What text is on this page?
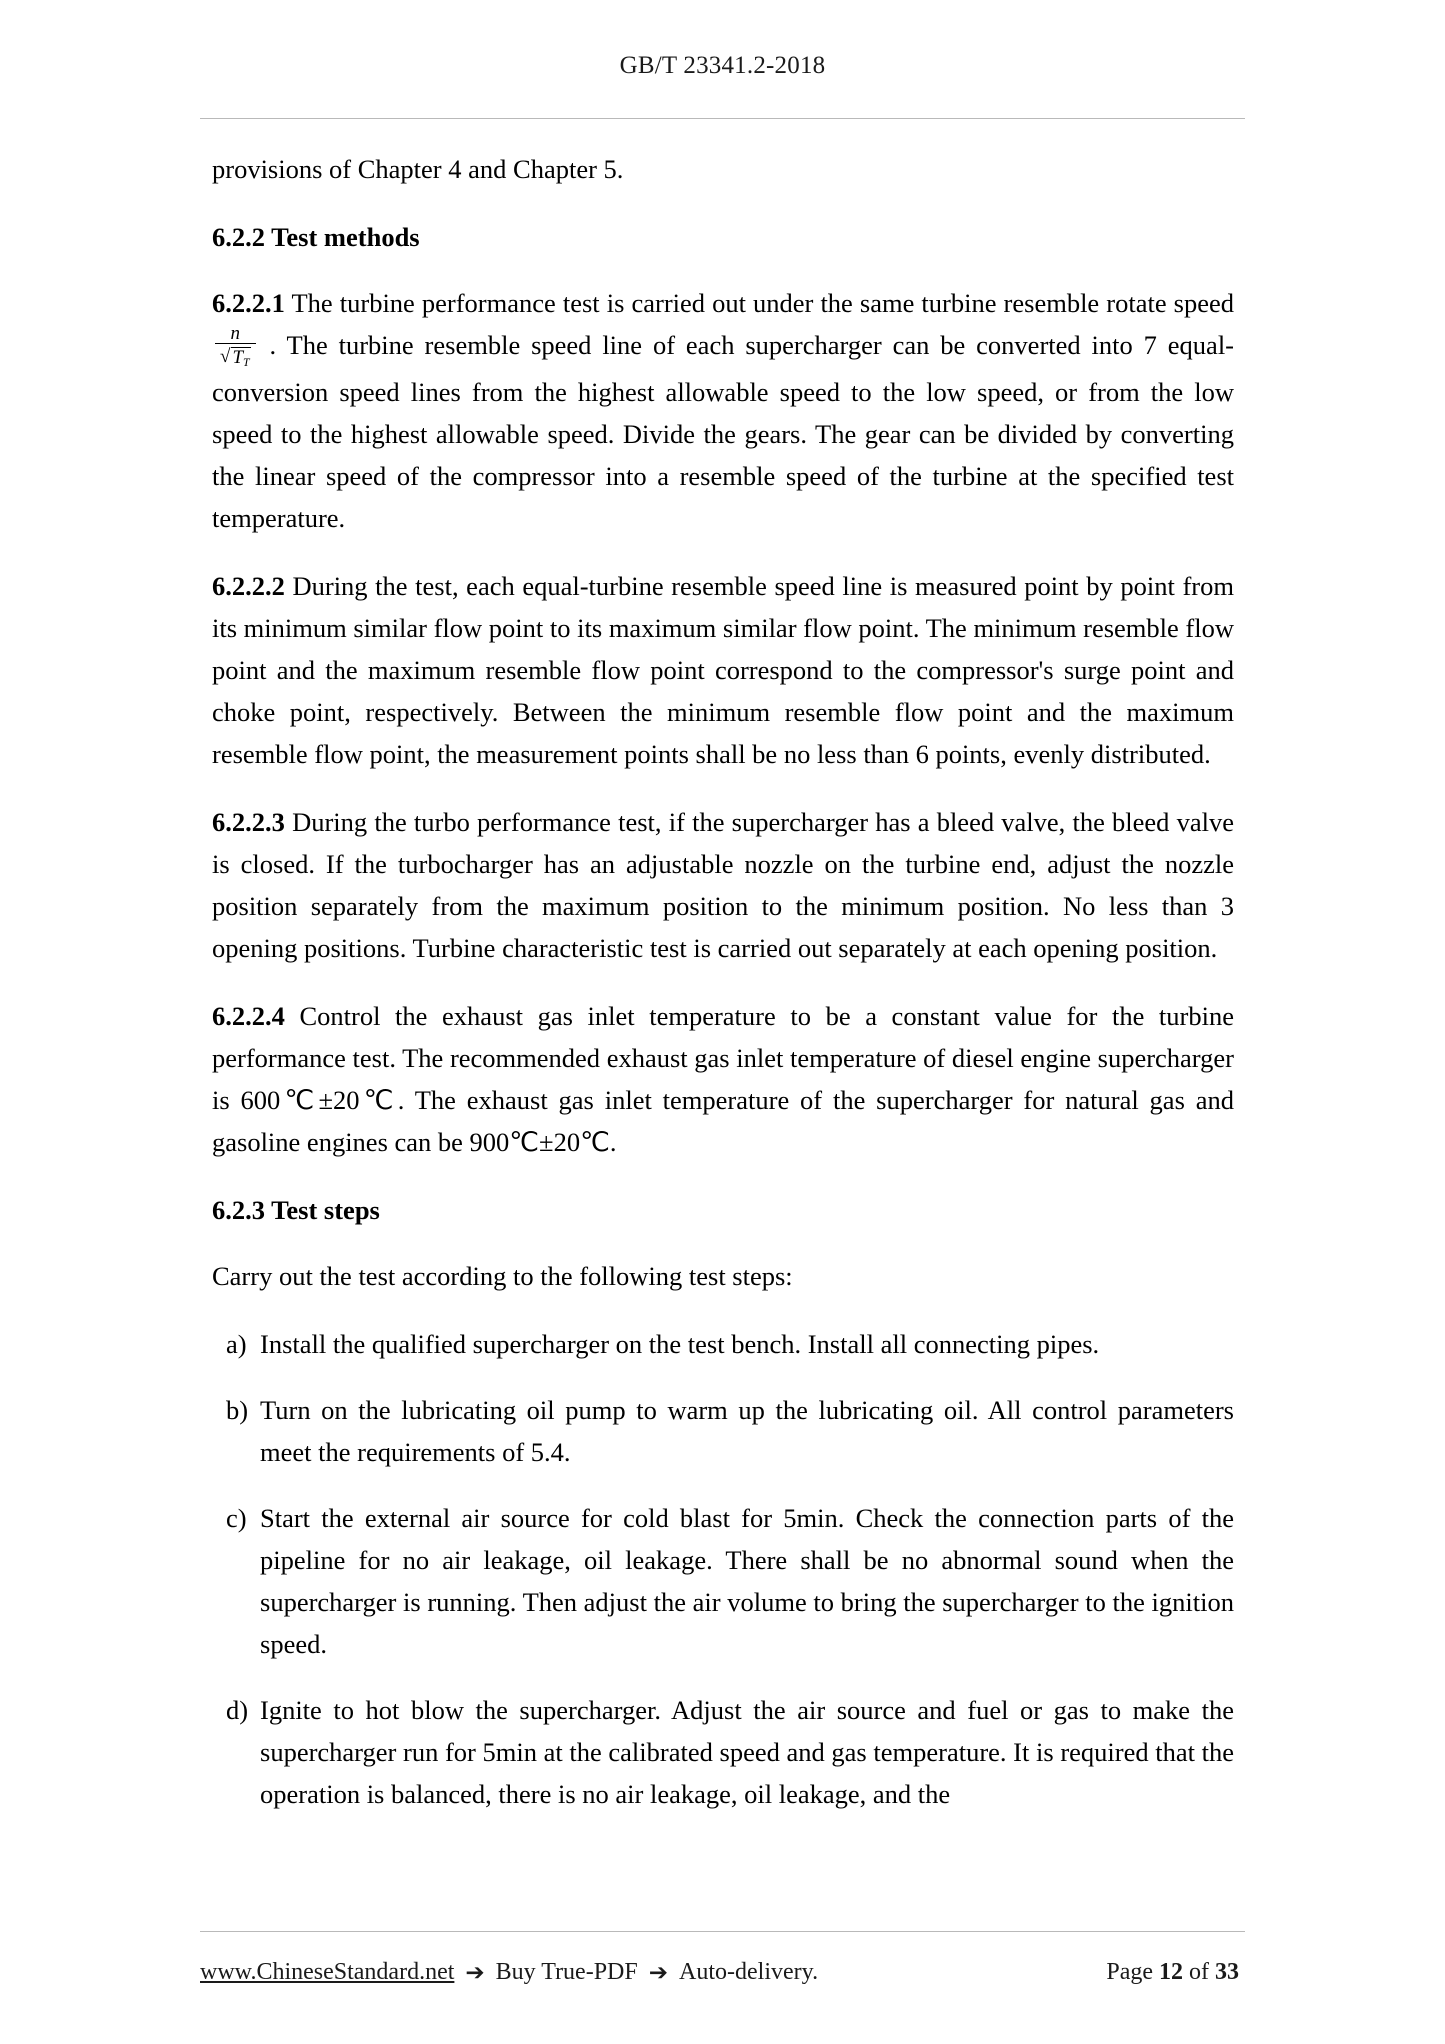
GB/T 23341.2-2018

provisions of Chapter 4 and Chapter 5.

6.2.2 Test methods

6.2.2.1 The turbine performance test is carried out under the same turbine resemble rotate speed
$\frac{n}{√ T_T}$ . The turbine resemble speed line of each supercharger can be converted into 7 equal-conversion speed lines from the highest allowable speed to the low speed, or from the low speed to the highest allowable speed. Divide the gears. The gear can be divided by converting the linear speed of the compressor into a resemble speed of the turbine at the specified test temperature.

6.2.2.2 During the test, each equal-turbine resemble speed line is measured point by point from its minimum similar flow point to its maximum similar flow point. The minimum resemble flow point and the maximum resemble flow point correspond to the compressor's surge point and choke point, respectively. Between the minimum resemble flow point and the maximum resemble flow point, the measurement points shall be no less than 6 points, evenly distributed.

6.2.2.3 During the turbo performance test, if the supercharger has a bleed valve, the bleed valve is closed. If the turbocharger has an adjustable nozzle on the turbine end, adjust the nozzle position separately from the maximum position to the minimum position. No less than 3 opening positions. Turbine characteristic test is carried out separately at each opening position.

6.2.2.4 Control the exhaust gas inlet temperature to be a constant value for the turbine performance test. The recommended exhaust gas inlet temperature of diesel engine supercharger is 600℃±20℃. The exhaust gas inlet temperature of the supercharger for natural gas and gasoline engines can be 900℃±20℃.

6.2.3 Test steps

Carry out the test according to the following test steps:

a) Install the qualified supercharger on the test bench. Install all connecting pipes.
b) Turn on the lubricating oil pump to warm up the lubricating oil. All control parameters meet the requirements of 5.4.
c) Start the external air source for cold blast for 5min. Check the connection parts of the pipeline for no air leakage, oil leakage. There shall be no abnormal sound when the supercharger is running. Then adjust the air volume to bring the supercharger to the ignition speed.
d) Ignite to hot blow the supercharger. Adjust the air source and fuel or gas to make the supercharger run for 5min at the calibrated speed and gas temperature. It is required that the operation is balanced, there is no air leakage, oil leakage, and the
www.ChineseStandard.net ➔ Buy True-PDF ➔ Auto-delivery.	Page 12 of 33
